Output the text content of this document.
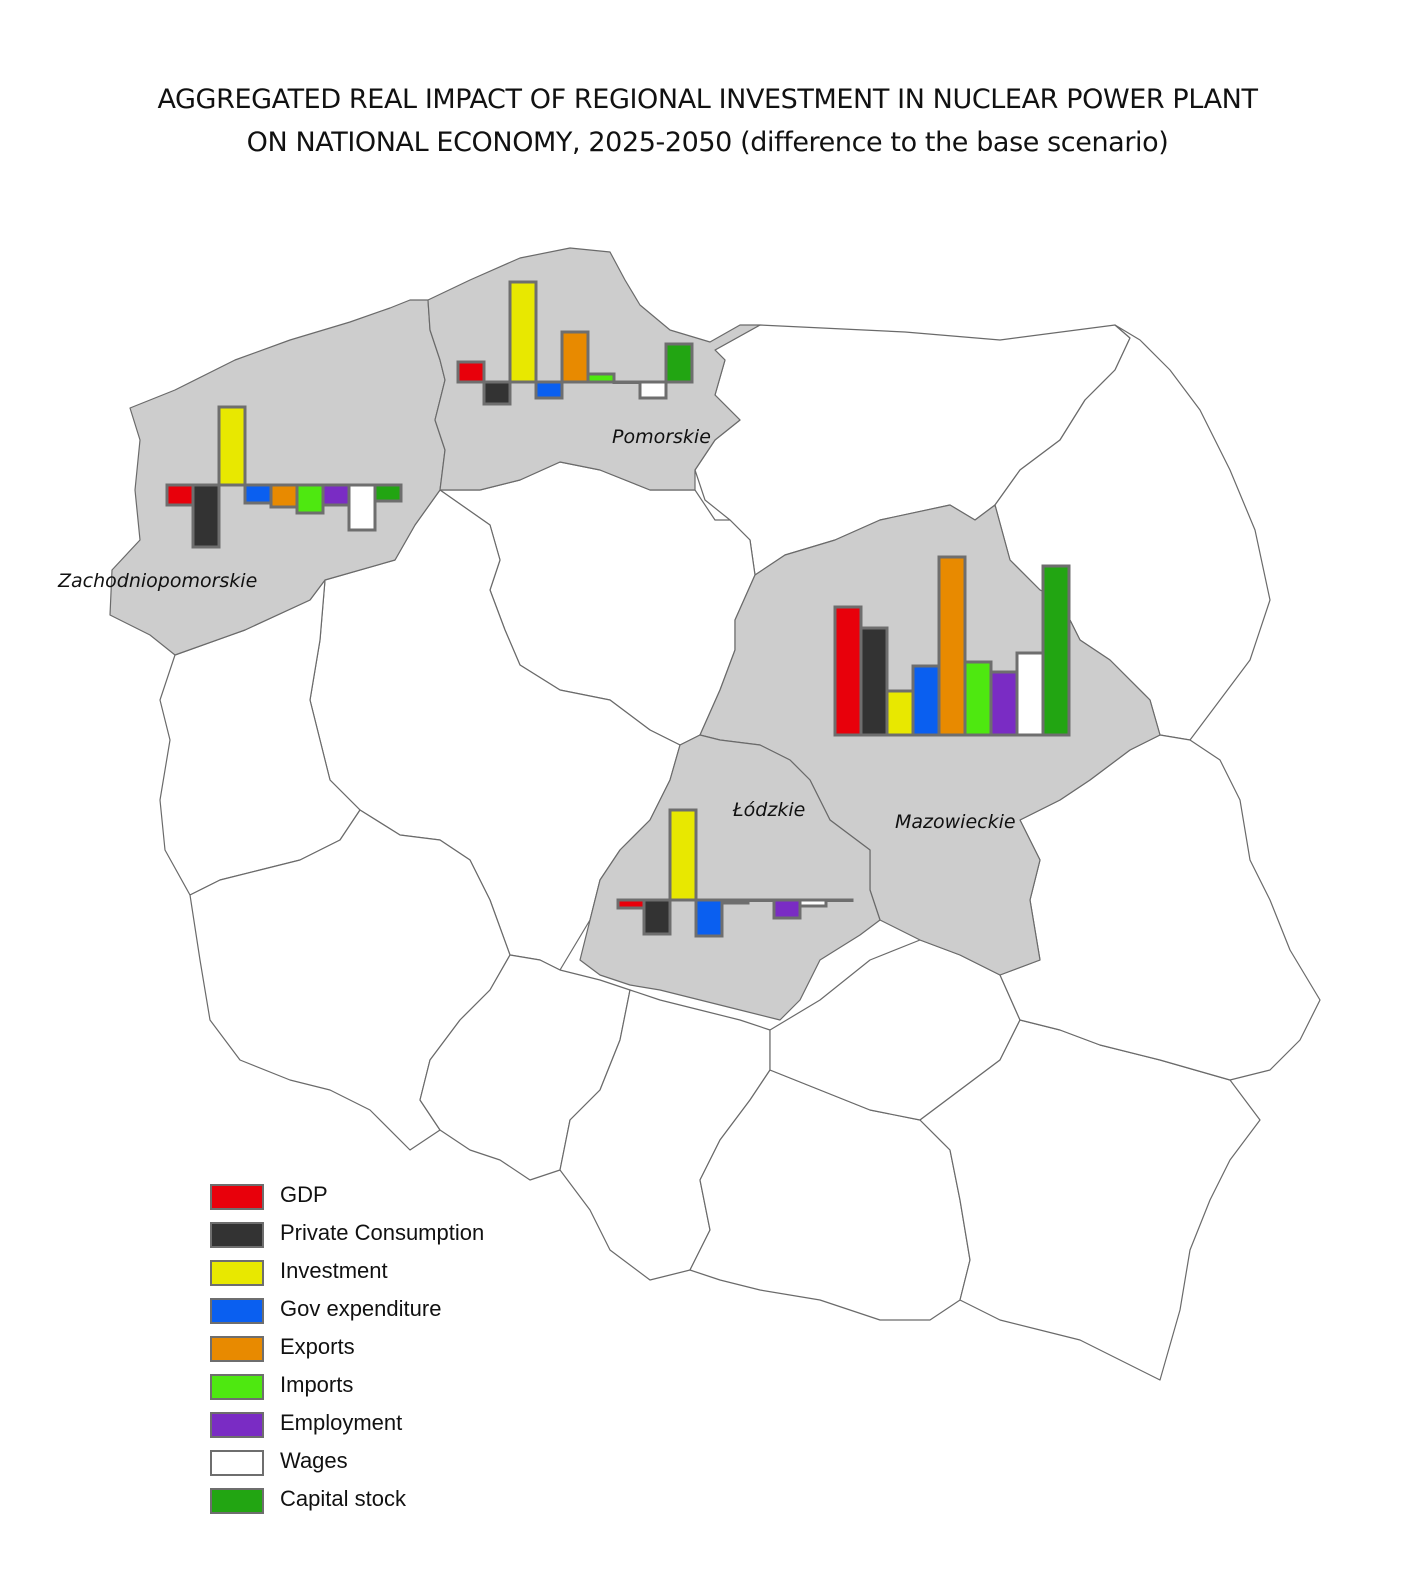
Zachodniopomorskie
Pomorskie
Mazowieckie
Łódzkie
AGGREGATED REAL IMPACT OF REGIONAL INVESTMENT IN NUCLEAR POWER PLANT
ON NATIONAL ECONOMY, 2025-2050 (difference to the base scenario)
GDP
Private Consumption
Investment
Gov expenditure
Exports
Imports
Employment
Wages
Capital stock
